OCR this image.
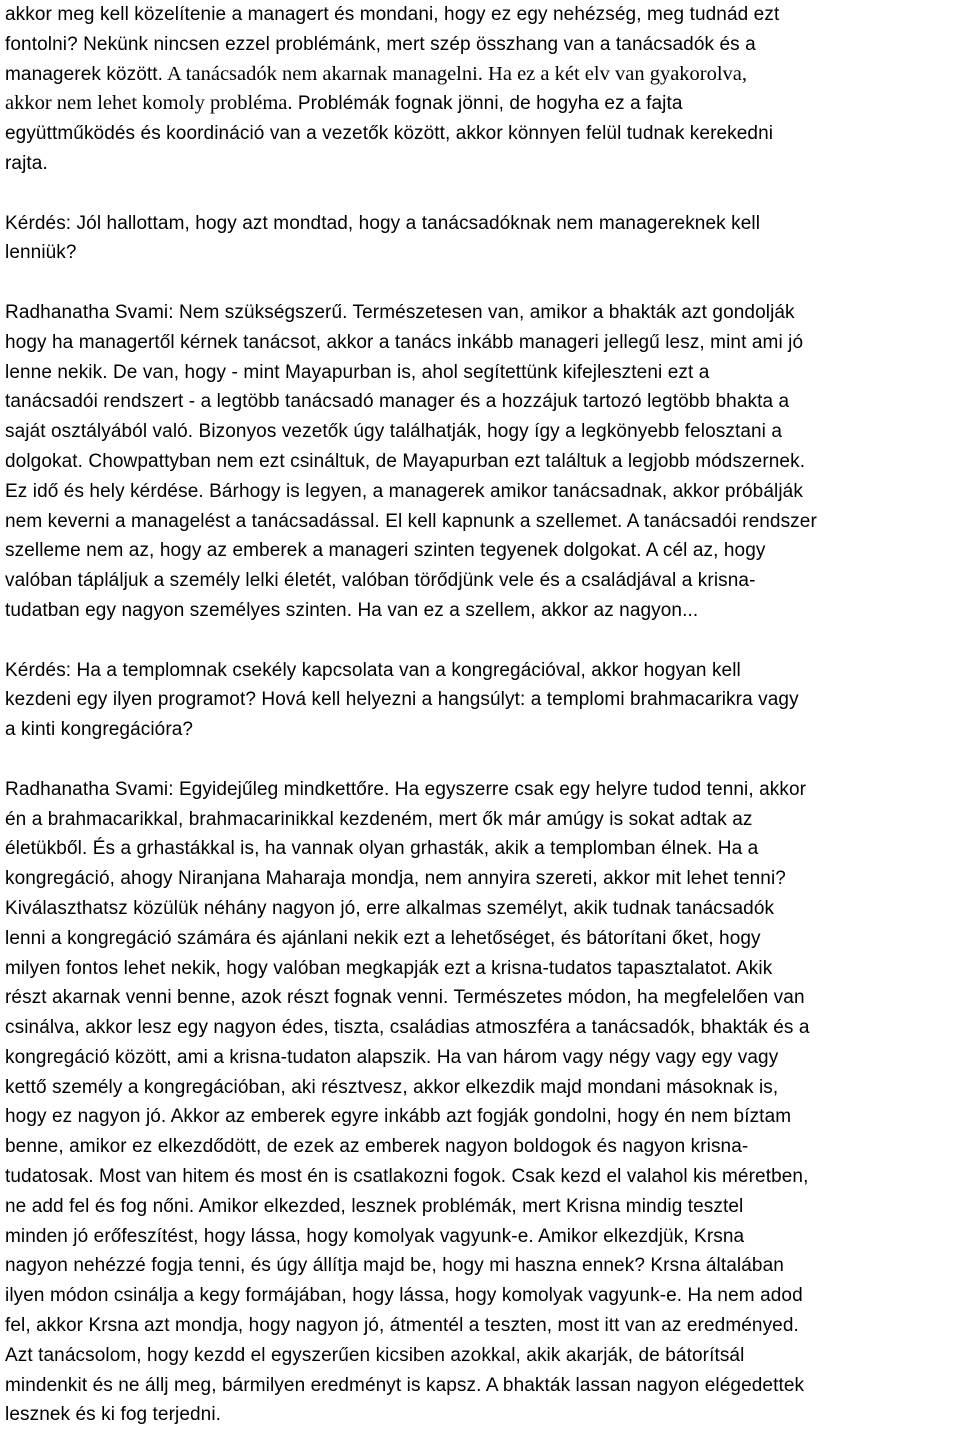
akkor meg kell közelítenie a managert és mondani, hogy ez egy nehézség, meg tudnád ezt
fontolni? Nekünk nincsen ezzel problémánk, mert szép összhang van a tanácsadók és a
managerek között. A tanácsadók nem akarnak managelni. Ha ez a két elv van gyakorolva,
akkor nem lehet komoly probléma. Problémák fognak jönni, de hogyha ez a fajta
együttműködés és koordináció van a vezetők között, akkor könnyen felül tudnak kerekedni
rajta.

Kérdés: Jól hallottam, hogy azt mondtad, hogy a tanácsadóknak nem managereknek kell
lenniük?

Radhanatha Svami: Nem szükségszerű. Természetesen van, amikor a bhakták azt gondolják
hogy ha managertől kérnek tanácsot, akkor a tanács inkább manageri jellegű lesz, mint ami jó
lenne nekik. De van, hogy - mint Mayapurban is, ahol segítettünk kifejleszteni ezt a
tanácsadói rendszert - a legtöbb tanácsadó manager és a hozzájuk tartozó legtöbb bhakta a
saját osztályából való. Bizonyos vezetők úgy találhatják, hogy így a legkönyebb felosztani a
dolgokat. Chowpattyban nem ezt csináltuk, de Mayapurban ezt találtuk a legjobb módszernek.
Ez idő és hely kérdése. Bárhogy is legyen, a managerek amikor tanácsadnak, akkor próbálják
nem keverni a managelést a tanácsadással. El kell kapnunk a szellemet. A tanácsadói rendszer
szelleme nem az, hogy az emberek a manageri szinten tegyenek dolgokat. A cél az, hogy
valóban tápláljuk a személy lelki életét, valóban törődjünk vele és a családjával a krisna-
tudatban egy nagyon személyes szinten. Ha van ez a szellem, akkor az nagyon...

Kérdés: Ha a templomnak csekély kapcsolata van a kongregációval, akkor hogyan kell
kezdeni egy ilyen programot? Hová kell helyezni a hangsúlyt: a templomi brahmacarikra vagy
a kinti kongregációra?

Radhanatha Svami: Egyidejűleg mindkettőre. Ha egyszerre csak egy helyre tudod tenni, akkor
én a brahmacarikkal, brahmacarinikkal kezdeném, mert ők már amúgy is sokat adtak az
életükből. És a grhastákkal is, ha vannak olyan grhasták, akik a templomban élnek. Ha a
kongregáció, ahogy Niranjana Maharaja mondja, nem annyira szereti, akkor mit lehet tenni?
Kiválaszthatsz közülük néhány nagyon jó, erre alkalmas személyt, akik tudnak tanácsadók
lenni a kongregáció számára és ajánlani nekik ezt a lehetőséget, és bátorítani őket, hogy
milyen fontos lehet nekik, hogy valóban megkapják ezt a krisna-tudatos tapasztalatot. Akik
részt akarnak venni benne, azok részt fognak venni. Természetes módon, ha megfelelően van
csinálva, akkor lesz egy nagyon édes, tiszta, családias atmoszféra a tanácsadók, bhakták és a
kongregáció között, ami a krisna-tudaton alapszik. Ha van három vagy négy vagy egy vagy
kettő személy a kongregációban, aki résztvesz, akkor elkezdik majd mondani másoknak is,
hogy ez nagyon jó. Akkor az emberek egyre inkább azt fogják gondolni, hogy én nem bíztam
benne, amikor ez elkezdődött, de ezek az emberek nagyon boldogok és nagyon krisna-
tudatosak. Most van hitem és most én is csatlakozni fogok. Csak kezd el valahol kis méretben,
ne add fel és fog nőni. Amikor elkezded, lesznek problémák, mert Krisna mindig tesztel
minden jó erőfeszítést, hogy lássa, hogy komolyak vagyunk-e. Amikor elkezdjük, Krsna
nagyon nehézzé fogja tenni, és úgy állítja majd be, hogy mi haszna ennek? Krsna általában
ilyen módon csinálja a kegy formájában, hogy lássa, hogy komolyak vagyunk-e. Ha nem adod
fel, akkor Krsna azt mondja, hogy nagyon jó, átmentél a teszten, most itt van az eredményed.
Azt tanácsolom, hogy kezdd el egyszerűen kicsiben azokkal, akik akarják, de bátorítsál
mindenkit és ne állj meg, bármilyen eredményt is kapsz. A bhakták lassan nagyon elégedettek
lesznek és ki fog terjedni.
